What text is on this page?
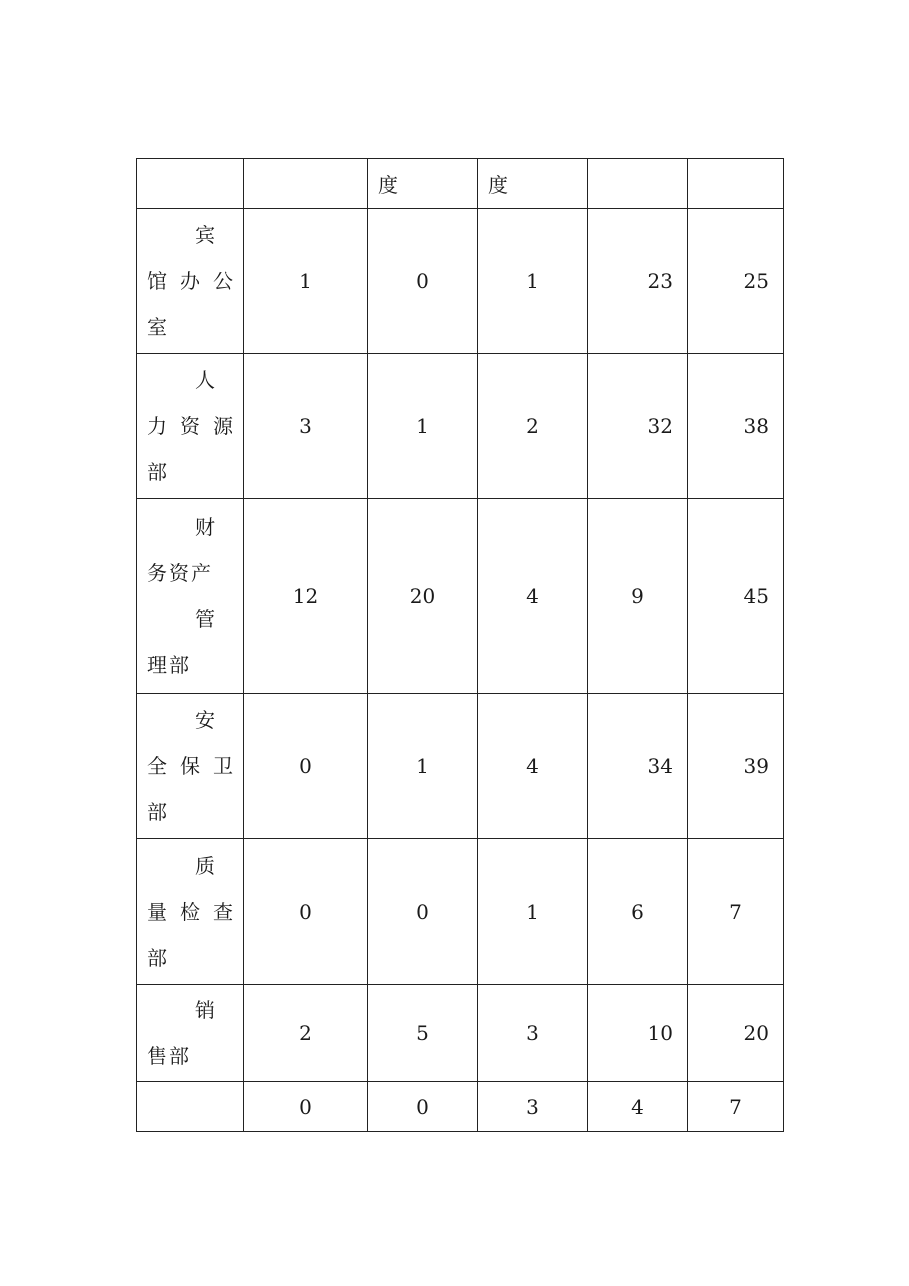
		度	度		

宾
馆办公
室	1	0	1	23	25

人
力资源
部	3	1	2	32	38

财
务资产
管
理部	12	20	4	9	45

安
全保卫
部	0	1	4	34	39

质
量检查
部	0	0	1	6	7

销
售部	2	5	3	10	20
	0	0	3	4	7
